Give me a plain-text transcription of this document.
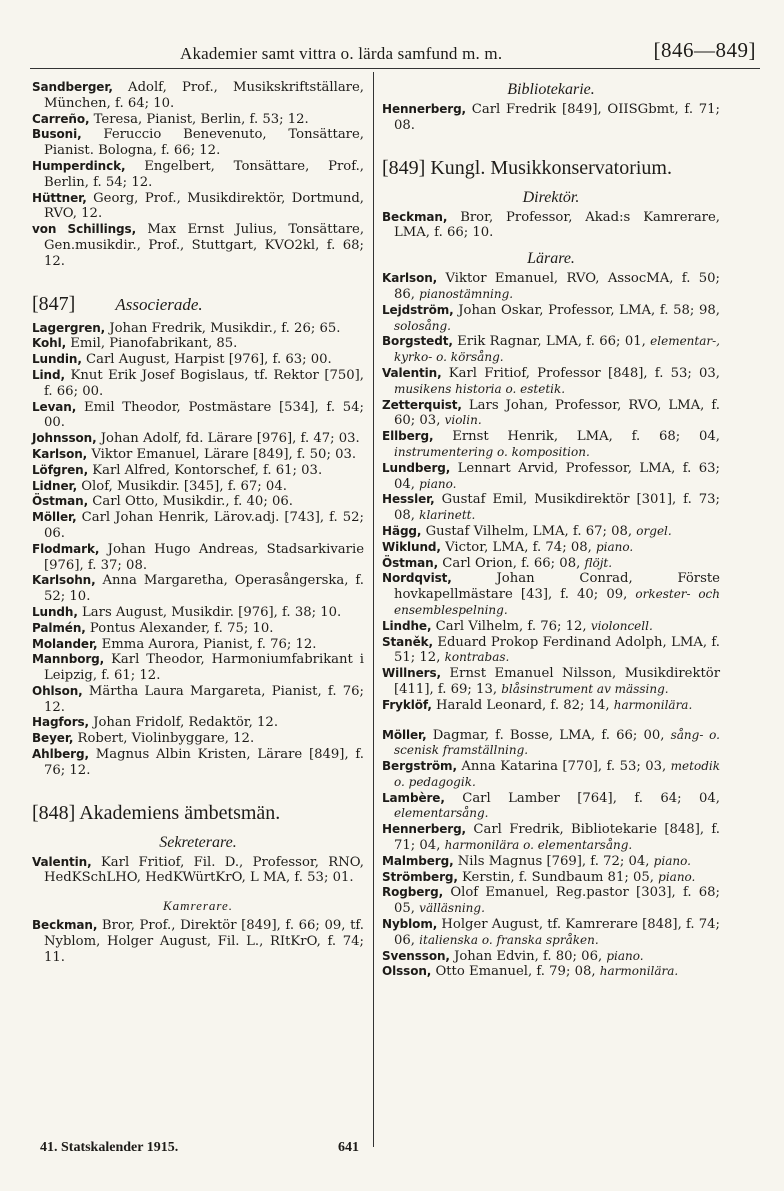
Akademier samt vittra o. lärda samfund m. m.	[846—849]

Sandberger, Adolf, Prof., Musikskriftställare, München, f. 64; 10.

Carreño, Teresa, Pianist, Berlin, f. 53; 12.

Busoni, Feruccio Benevenuto, Tonsättare, Pianist. Bologna, f. 66; 12.

Humperdinck, Engelbert, Tonsättare, Prof., Berlin, f. 54; 12.

Hüttner, Georg, Prof., Musikdirektör, Dortmund, RVO, 12.

von Schillings, Max Ernst Julius, Tonsättare, Gen.musikdir., Prof., Stuttgart, KVO2kl, f. 68; 12.

[847] Associerade.

Lagergren, Johan Fredrik, Musikdir., f. 26; 65.

Kohl, Emil, Pianofabrikant, 85.

Lundin, Carl August, Harpist [976], f. 63; 00.

Lind, Knut Erik Josef Bogislaus, tf. Rektor [750], f. 66; 00.

Levan, Emil Theodor, Postmästare [534], f. 54; 00.

Johnsson, Johan Adolf, fd. Lärare [976], f. 47; 03.

Karlson, Viktor Emanuel, Lärare [849], f. 50; 03.

Löfgren, Karl Alfred, Kontorschef, f. 61; 03.

Lidner, Olof, Musikdir. [345], f. 67; 04.

Östman, Carl Otto, Musikdir., f. 40; 06.

Möller, Carl Johan Henrik, Lärov.adj. [743], f. 52; 06.

Flodmark, Johan Hugo Andreas, Stadsarkivarie [976], f. 37; 08.

Karlsohn, Anna Margaretha, Operasångerska, f. 52; 10.

Lundh, Lars August, Musikdir. [976], f. 38; 10.

Palmén, Pontus Alexander, f. 75; 10.

Molander, Emma Aurora, Pianist, f. 76; 12.

Mannborg, Karl Theodor, Harmoniumfabrikant i Leipzig, f. 61; 12.

Ohlson, Märtha Laura Margareta, Pianist, f. 76; 12.

Hagfors, Johan Fridolf, Redaktör, 12.

Beyer, Robert, Violinbyggare, 12.

Ahlberg, Magnus Albin Kristen, Lärare [849], f. 76; 12.

[848] Akademiens ämbetsmän.
Sekreterare.

Valentin, Karl Fritiof, Fil. D., Professor, RNO, HedKSchLHO, HedKWürtKrO, L MA, f. 53; 01.

Kamrerare.

Beckman, Bror, Prof., Direktör [849], f. 66; 09, tf. Nyblom, Holger August, Fil. L., RItKrO, f. 74; 11.

Bibliotekarie.

Hennerberg, Carl Fredrik [849], OIISGbmt, f. 71; 08.

[849] Kungl. Musikkonservatorium.
Direktör.

Beckman, Bror, Professor, Akad:s Kamrerare, LMA, f. 66; 10.

Lärare.

Karlson, Viktor Emanuel, RVO, AssocMA, f. 50; 86, pianostämning.

Lejdström, Johan Oskar, Professor, LMA, f. 58; 98, solosång.

Borgstedt, Erik Ragnar, LMA, f. 66; 01, elementar-, kyrko- o. körsång.

Valentin, Karl Fritiof, Professor [848], f. 53; 03, musikens historia o. estetik.

Zetterquist, Lars Johan, Professor, RVO, LMA, f. 60; 03, violin.

Ellberg, Ernst Henrik, LMA, f. 68; 04, instrumentering o. komposition.

Lundberg, Lennart Arvid, Professor, LMA, f. 63; 04, piano.

Hessler, Gustaf Emil, Musikdirektör [301], f. 73; 08, klarinett.

Hägg, Gustaf Vilhelm, LMA, f. 67; 08, orgel.

Wiklund, Victor, LMA, f. 74; 08, piano.

Östman, Carl Orion, f. 66; 08, flöjt.

Nordqvist, Johan Conrad, Förste hovkapellmästare [43], f. 40; 09, orkester- och ensemblespelning.

Lindhe, Carl Vilhelm, f. 76; 12, violoncell.

Staněk, Eduard Prokop Ferdinand Adolph, LMA, f. 51; 12, kontrabas.

Willners, Ernst Emanuel Nilsson, Musikdirektör [411], f. 69; 13, blåsinstrument av mässing.

Fryklöf, Harald Leonard, f. 82; 14, harmonilära.

Möller, Dagmar, f. Bosse, LMA, f. 66; 00, sång- o. scenisk framställning.

Bergström, Anna Katarina [770], f. 53; 03, metodik o. pedagogik.

Lambère, Carl Lamber [764], f. 64; 04, elementarsång.

Hennerberg, Carl Fredrik, Bibliotekarie [848], f. 71; 04, harmonilära o. elementarsång.

Malmberg, Nils Magnus [769], f. 72; 04, piano.

Strömberg, Kerstin, f. Sundbaum 81; 05, piano.

Rogberg, Olof Emanuel, Reg.pastor [303], f. 68; 05, välläsning.

Nyblom, Holger August, tf. Kamrerare [848], f. 74; 06, italienska o. franska språken.

Svensson, Johan Edvin, f. 80; 06, piano.

Olsson, Otto Emanuel, f. 79; 08, harmonilära.

41. Statskalender 1915.	641
